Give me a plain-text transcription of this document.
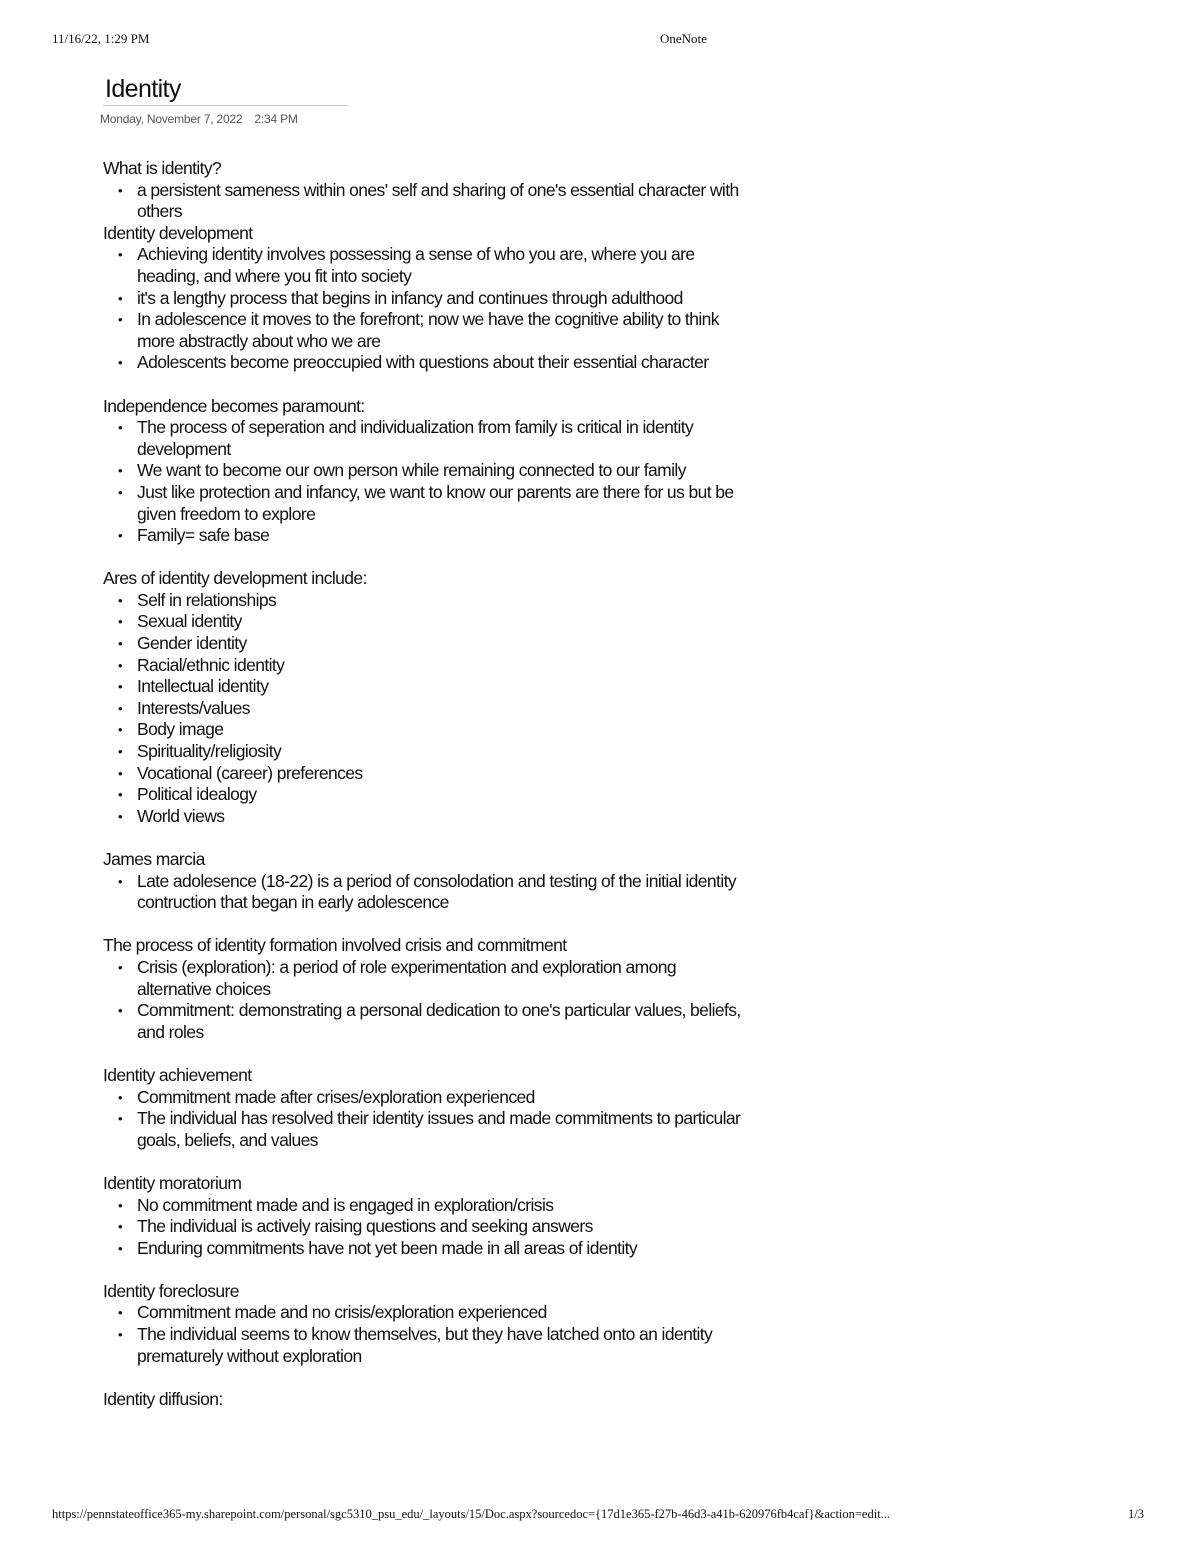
11/16/22, 1:29 PM	OneNote
Identity
Monday, November 7, 2022 2:34 PM
What is identity?
• a persistent sameness within ones' self and sharing of one's essential character with others
Identity development
• Achieving identity involves possessing a sense of who you are, where you are heading, and where you fit into society
• it's a lengthy process that begins in infancy and continues through adulthood
• In adolescence it moves to the forefront; now we have the cognitive ability to think more abstractly about who we are
• Adolescents become preoccupied with questions about their essential character
Independence becomes paramount:
• The process of seperation and individualization from family is critical in identity development
• We want to become our own person while remaining connected to our family
• Just like protection and infancy, we want to know our parents are there for us but be given freedom to explore
• Family= safe base
Ares of identity development include:
• Self in relationships
• Sexual identity
• Gender identity
• Racial/ethnic identity
• Intellectual identity
• Interests/values
• Body image
• Spirituality/religiosity
• Vocational (career) preferences
• Political idealogy
• World views
James marcia
• Late adolesence (18-22) is a period of consolodation and testing of the initial identity contruction that began in early adolescence
The process of identity formation involved crisis and commitment
• Crisis (exploration): a period of role experimentation and exploration among alternative choices
• Commitment: demonstrating a personal dedication to one's particular values, beliefs, and roles
Identity achievement
• Commitment made after crises/exploration experienced
• The individual has resolved their identity issues and made commitments to particular goals, beliefs, and values
Identity moratorium
• No commitment made and is engaged in exploration/crisis
• The individual is actively raising questions and seeking answers
• Enduring commitments have not yet been made in all areas of identity
Identity foreclosure
• Commitment made and no crisis/exploration experienced
• The individual seems to know themselves, but they have latched onto an identity prematurely without exploration
Identity diffusion:
https://pennstateoffice365-my.sharepoint.com/personal/sgc5310_psu_edu/_layouts/15/Doc.aspx?sourcedoc={17d1e365-f27b-46d3-a41b-620976fb4caf}&action=edit...	1/3
